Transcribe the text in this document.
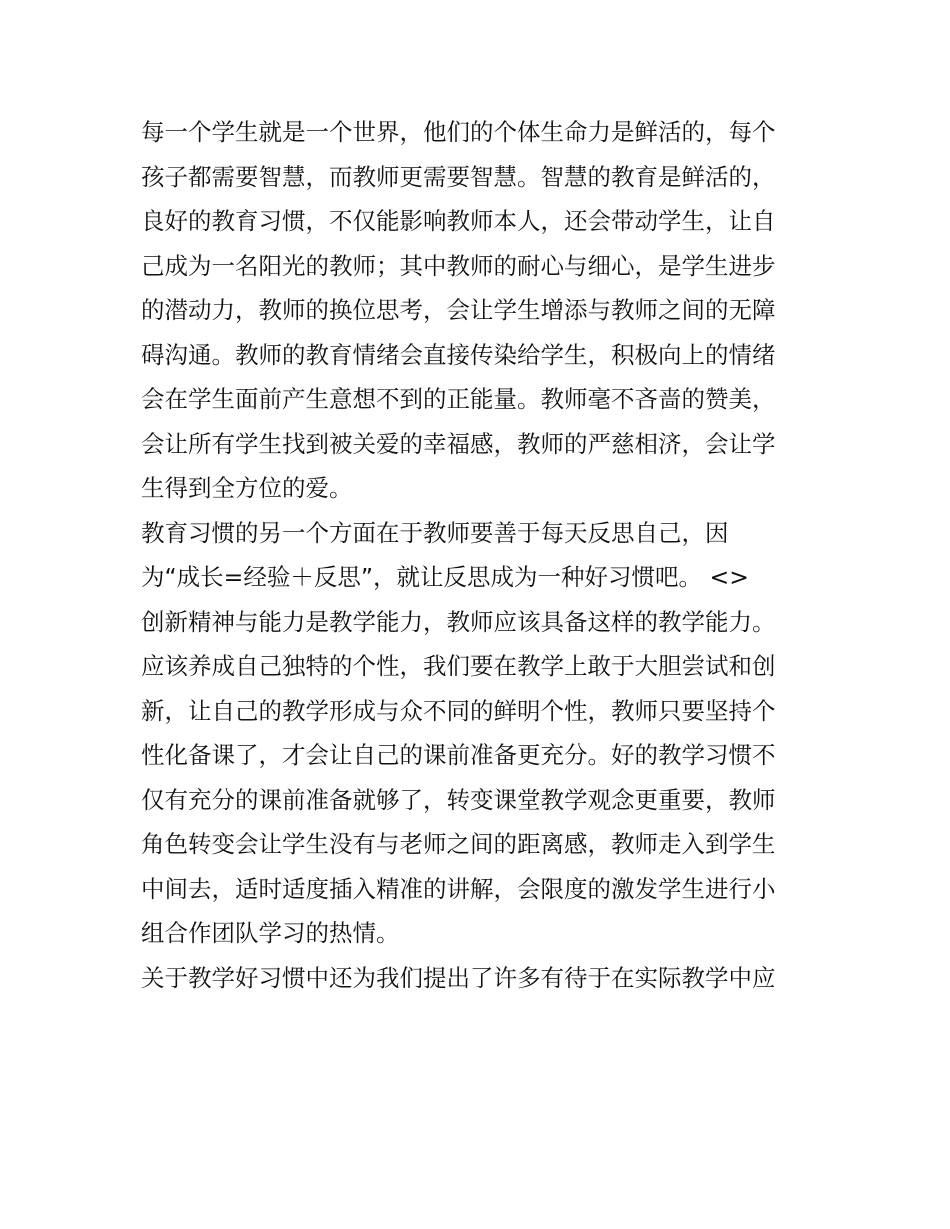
每一个学生就是一个世界，他们的个体生命力是鲜活的，每个
孩子都需要智慧，而教师更需要智慧。智慧的教育是鲜活的，
良好的教育习惯，不仅能影响教师本人，还会带动学生，让自
己成为一名阳光的教师；其中教师的耐心与细心，是学生进步
的潜动力，教师的换位思考，会让学生增添与教师之间的无障
碍沟通。教师的教育情绪会直接传染给学生，积极向上的情绪
会在学生面前产生意想不到的正能量。教师毫不吝啬的赞美，
会让所有学生找到被关爱的幸福感，教师的严慈相济，会让学
生得到全方位的爱。
教育习惯的另一个方面在于教师要善于每天反思自己，因
为“成长=经验＋反思”，就让反思成为一种好习惯吧。 <>
创新精神与能力是教学能力，教师应该具备这样的教学能力。
应该养成自己独特的个性，我们要在教学上敢于大胆尝试和创
新，让自己的教学形成与众不同的鲜明个性，教师只要坚持个
性化备课了，才会让自己的课前准备更充分。好的教学习惯不
仅有充分的课前准备就够了，转变课堂教学观念更重要，教师
角色转变会让学生没有与老师之间的距离感，教师走入到学生
中间去，适时适度插入精准的讲解，会限度的激发学生进行小
组合作团队学习的热情。
关于教学好习惯中还为我们提出了许多有待于在实际教学中应
